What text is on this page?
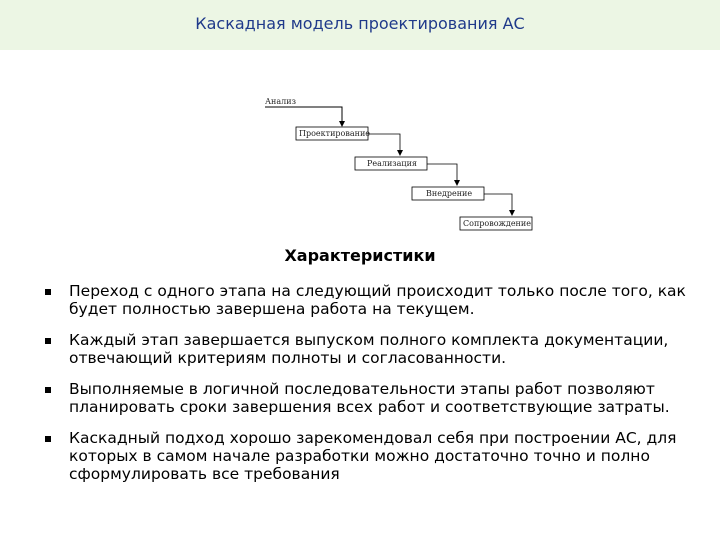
Каскадная модель проектирования АС
Анализ
Проектирование
Реализация
Внедрение
Сопровождение
Характеристики
Переход с одного этапа на следующий происходит только после того, как будет полностью завершена работа на текущем.
Каждый этап завершается выпуском полного комплекта документации, отвечающий критериям полноты и согласованности.
Выполняемые в логичной последовательности этапы работ позволяют планировать сроки завершения всех работ и соответствующие затраты.
Каскадный подход хорошо зарекомендовал себя при построении АС, для которых в самом начале разработки можно достаточно точно и полно сформулировать все требования
